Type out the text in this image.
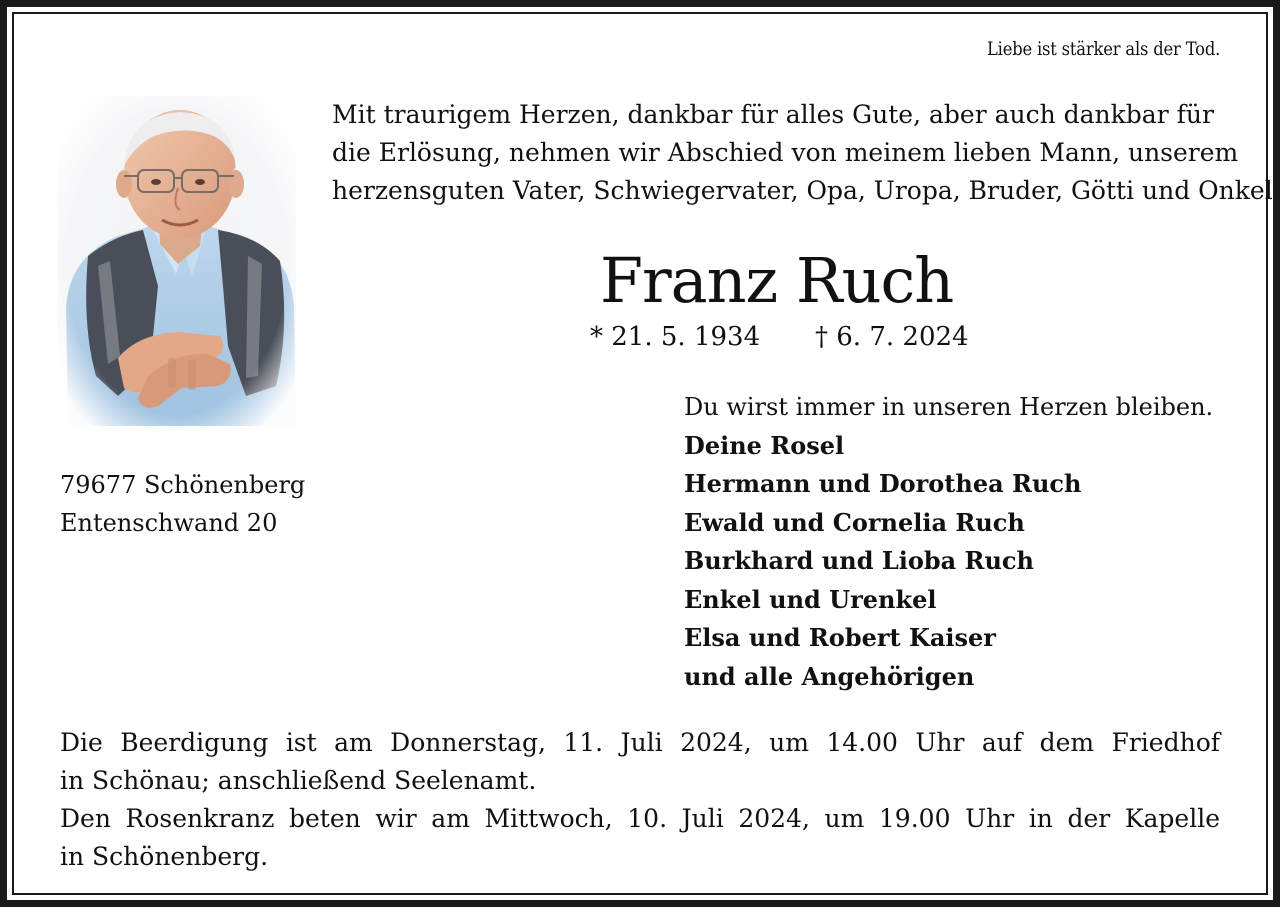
Liebe ist stärker als der Tod.
Mit traurigem Herzen, dankbar für alles Gute, aber auch dankbar für
die Erlösung, nehmen wir Abschied von meinem lieben Mann, unserem
herzensguten Vater, Schwiegervater, Opa, Uropa, Bruder, Götti und Onkel
Franz Ruch
* 21. 5. 1934 † 6. 7. 2024
79677 Schönenberg
Entenschwand 20
Du wirst immer in unseren Herzen bleiben.
Deine Rosel
Hermann und Dorothea Ruch
Ewald und Cornelia Ruch
Burkhard und Lioba Ruch
Enkel und Urenkel
Elsa und Robert Kaiser
und alle Angehörigen
Die Beerdigung ist am Donnerstag, 11. Juli 2024, um 14.00 Uhr auf dem Friedhof
in Schönau; anschließend Seelenamt.
Den Rosenkranz beten wir am Mittwoch, 10. Juli 2024, um 19.00 Uhr in der Kapelle
in Schönenberg.
